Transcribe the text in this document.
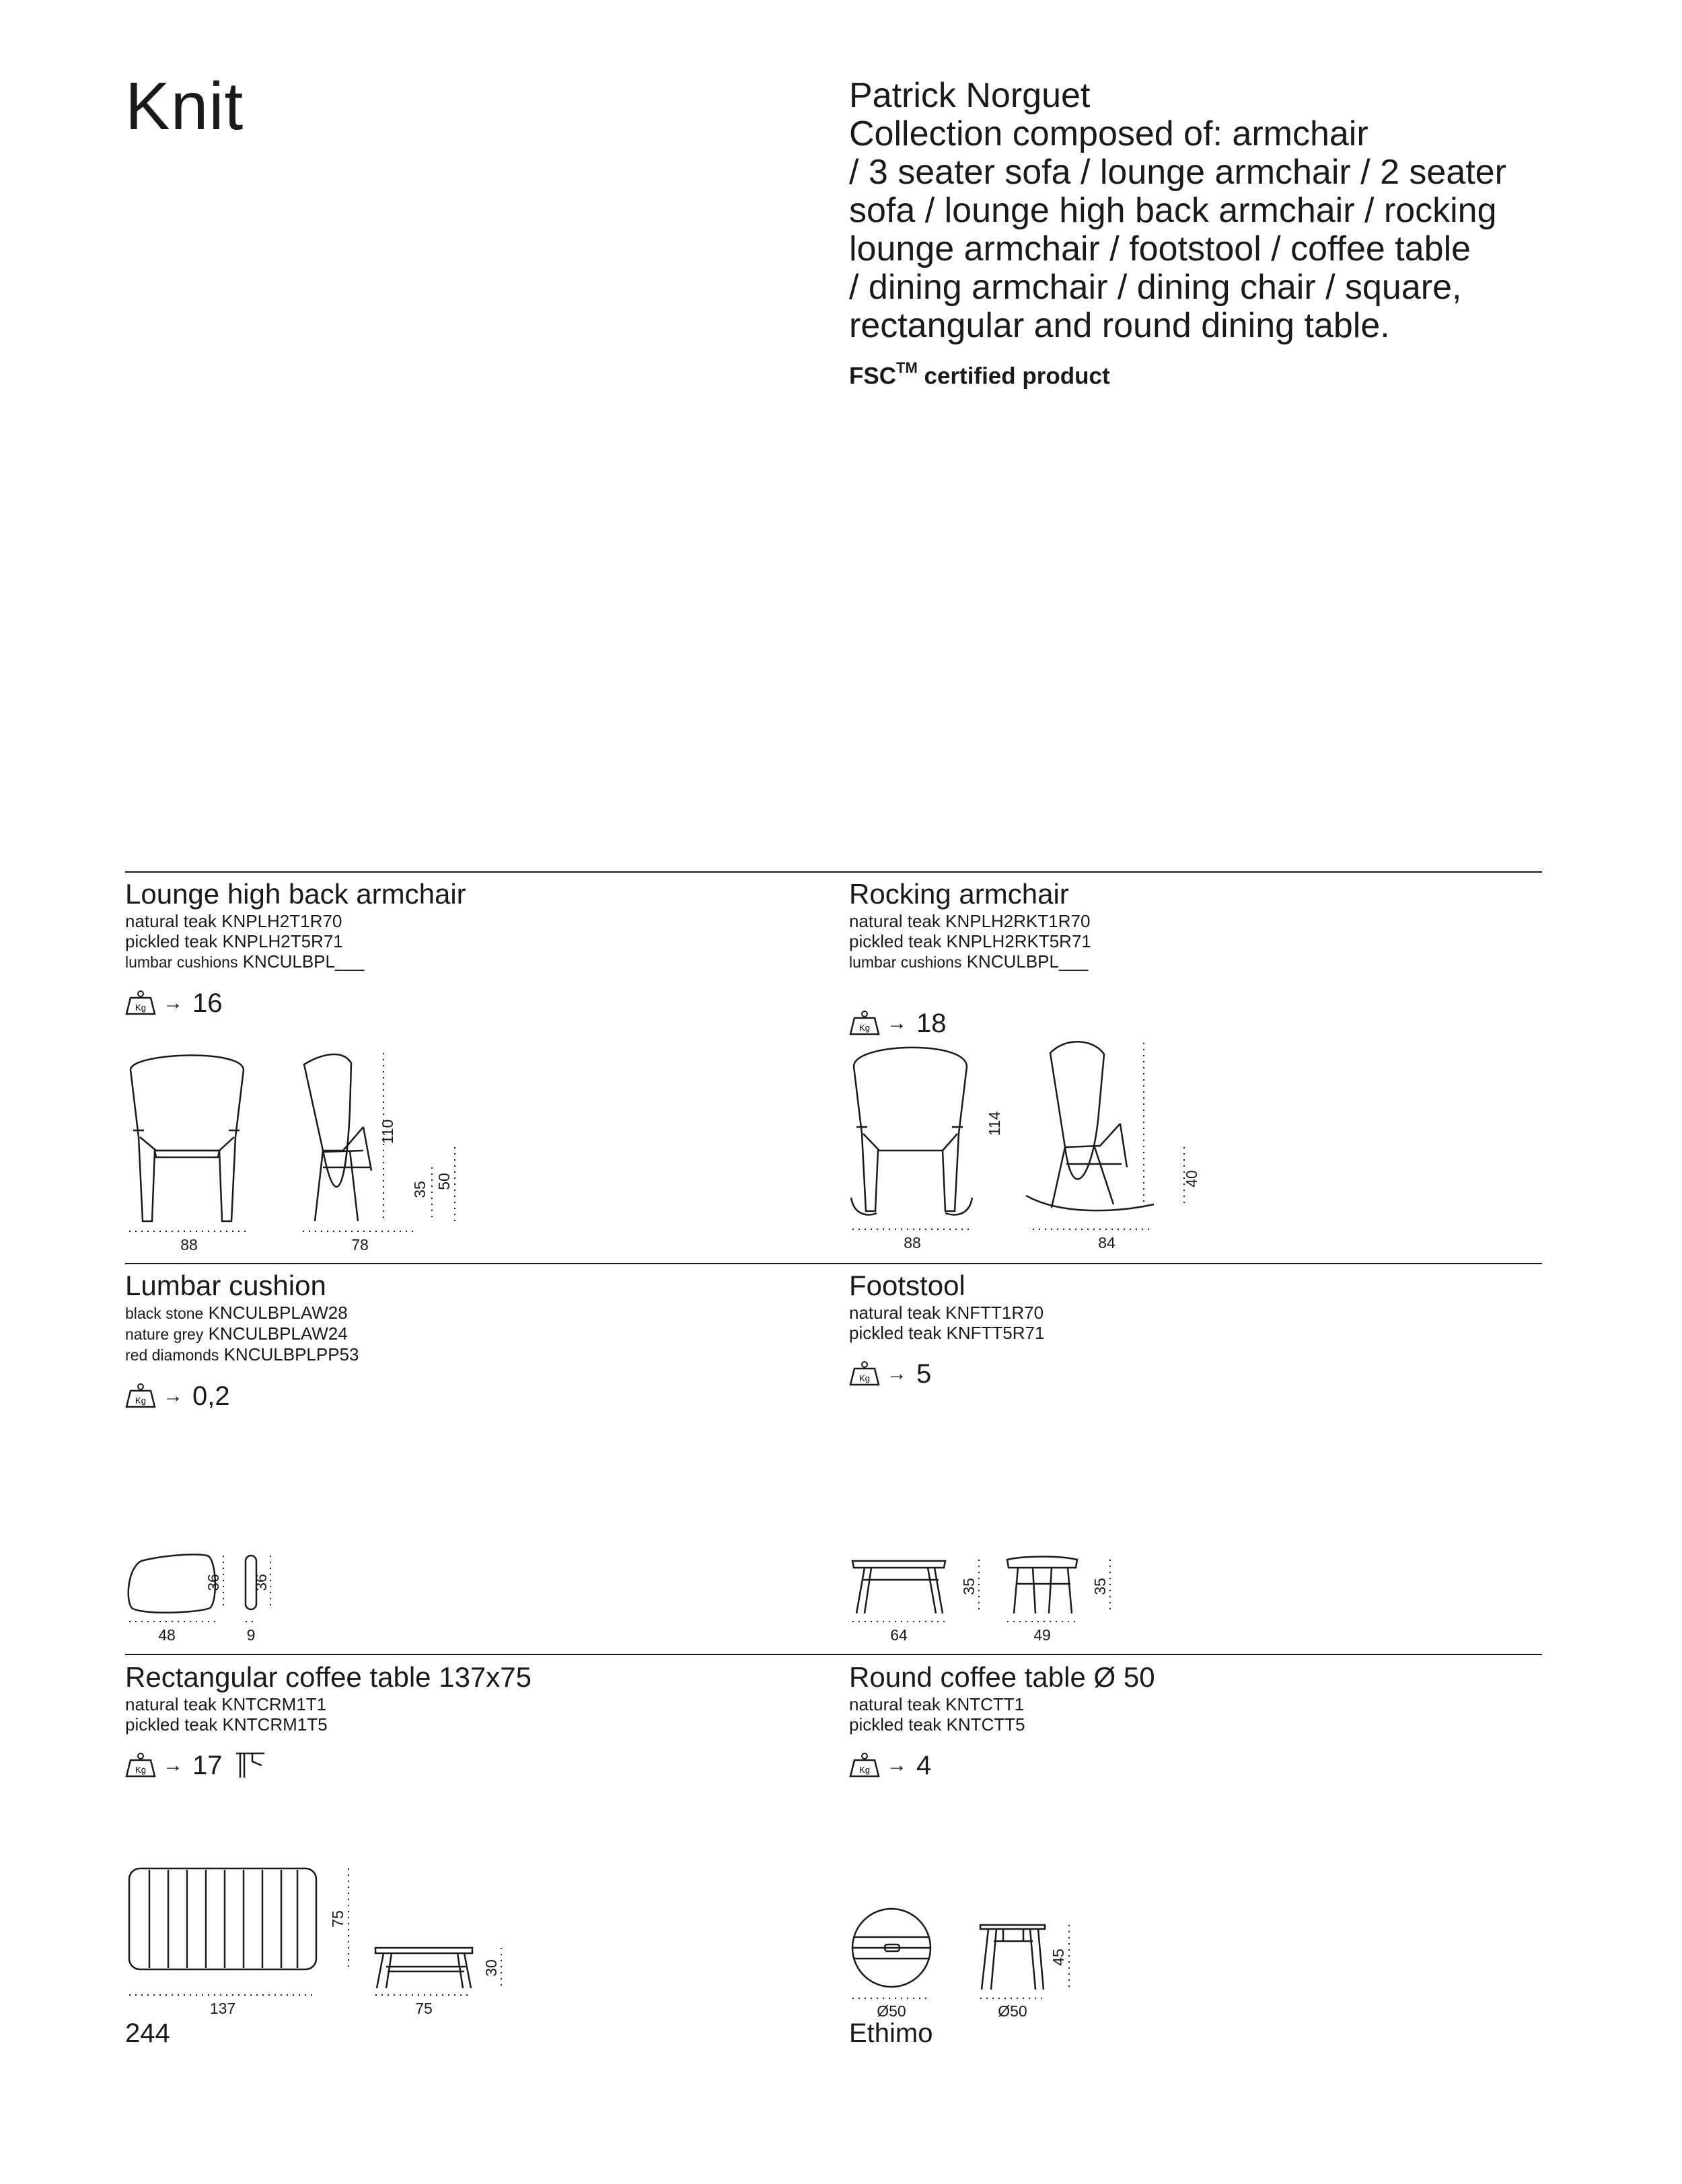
Knit	Patrick Norguet
Collection composed of: armchair
/ 3 seater sofa / lounge armchair / 2 seater
sofa / lounge high back armchair / rocking
lounge armchair / footstool / coffee table
/ dining armchair / dining chair / square,
rectangular and round dining table.
FSC™ certified product
Lounge high back armchair
natural teak KNPLH2T1R70
pickled teak KNPLH2T5R71
lumbar cushions KNCULBPL___
Kg → 16
88	78
110
35 50
Rocking armchair
natural teak KNPLH2RKT1R70
pickled teak KNPLH2RKT5R71
lumbar cushions KNCULBPL___
Kg → 18
88	84
114
40
Lumbar cushion
black stone KNCULBPLAW28
nature grey KNCULBPLAW24
red diamonds KNCULBPLPP53
Kg → 0,2
48
36
9
36
Footstool
natural teak KNFTT1R70
pickled teak KNFTT5R71
Kg → 5
64
35
49
35
Rectangular coffee table 137x75
natural teak KNTCRM1T1
pickled teak KNTCRM1T5
Kg → 17
137
75
75
30
Round coffee table Ø 50
natural teak KNTCTT1
pickled teak KNTCTT5
Kg → 4
Ø50	Ø50
45
244	Ethimo
